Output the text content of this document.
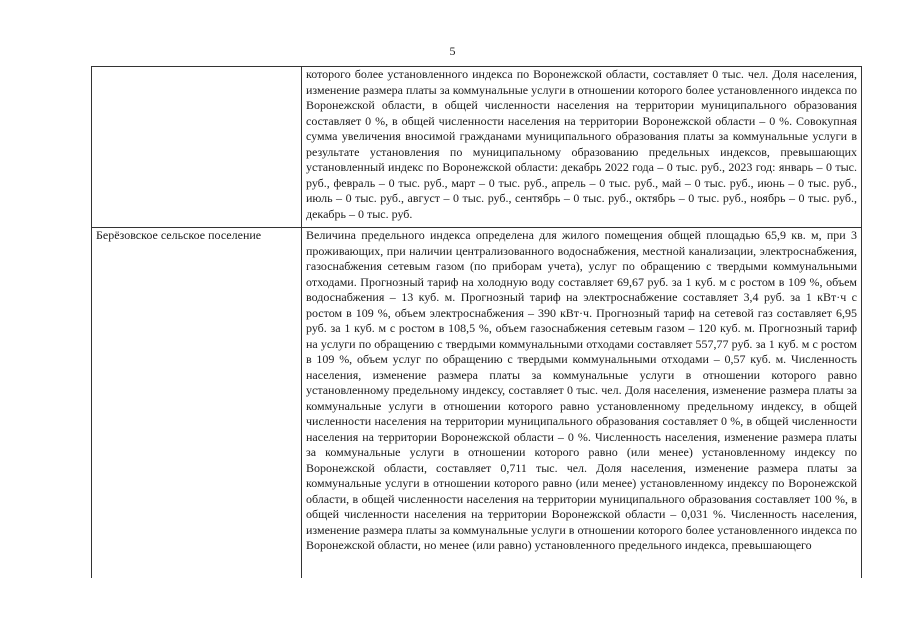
5
	которого более установленного индекса по Воронежской области, составляет 0 тыс. чел. Доля населения, изменение размера платы за коммунальные услуги в отношении которого более установленного индекса по Воронежской области, в общей численности населения на территории муниципального образования составляет 0 %, в общей численности населения на территории Воронежской области – 0 %. Совокупная сумма увеличения вносимой гражданами муниципального образования платы за коммунальные услуги в результате установления по муниципальному образованию предельных индексов, превышающих установленный индекс по Воронежской области: декабрь 2022 года – 0 тыс. руб., 2023 год: январь – 0 тыс. руб., февраль – 0 тыс. руб., март – 0 тыс. руб., апрель – 0 тыс. руб., май – 0 тыс. руб., июнь – 0 тыс. руб., июль – 0 тыс. руб., август – 0 тыс. руб., сентябрь – 0 тыс. руб., октябрь – 0 тыс. руб., ноябрь – 0 тыс. руб., декабрь – 0 тыс. руб.
Берёзовское сельское поселение	Величина предельного индекса определена для жилого помещения общей площадью 65,9 кв. м, при 3 проживающих, при наличии централизованного водоснабжения, местной канализации, электроснабжения, газоснабжения сетевым газом (по приборам учета), услуг по обращению с твердыми коммунальными отходами. Прогнозный тариф на холодную воду составляет 69,67 руб. за 1 куб. м с ростом в 109 %, объем водоснабжения – 13 куб. м. Прогнозный тариф на электроснабжение составляет 3,4 руб. за 1 кВт·ч с ростом в 109 %, объем электроснабжения – 390 кВт·ч. Прогнозный тариф на сетевой газ составляет 6,95 руб. за 1 куб. м с ростом в 108,5 %, объем газоснабжения сетевым газом – 120 куб. м. Прогнозный тариф на услуги по обращению с твердыми коммунальными отходами составляет 557,77 руб. за 1 куб. м с ростом в 109 %, объем услуг по обращению с твердыми коммунальными отходами – 0,57 куб. м. Численность населения, изменение размера платы за коммунальные услуги в отношении которого равно установленному предельному индексу, составляет 0 тыс. чел. Доля населения, изменение размера платы за коммунальные услуги в отношении которого равно установленному предельному индексу, в общей численности населения на территории муниципального образования составляет 0 %, в общей численности населения на территории Воронежской области – 0 %. Численность населения, изменение размера платы за коммунальные услуги в отношении которого равно (или менее) установленному индексу по Воронежской области, составляет 0,711 тыс. чел. Доля населения, изменение размера платы за коммунальные услуги в отношении которого равно (или менее) установленному индексу по Воронежской области, в общей численности населения на территории муниципального образования составляет 100 %, в общей численности населения на территории Воронежской области – 0,031 %. Численность населения, изменение размера платы за коммунальные услуги в отношении которого более установленного индекса по Воронежской области, но менее (или равно) установленного предельного индекса, превышающего
